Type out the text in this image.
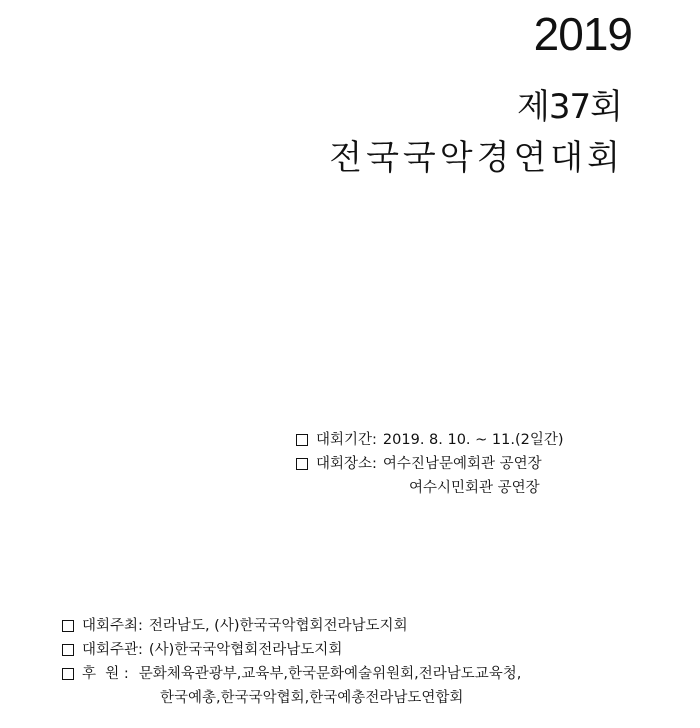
2019
제37회
전국국악경연대회
대회기간: 2019. 8. 10. ~ 11.(2일간)
대회장소: 여수진남문예회관 공연장
여수시민회관 공연장
대회주최: 전라남도, (사)한국국악협회전라남도지회
대회주관: (사)한국국악협회전라남도지회
후  원 : 문화체육관광부,교육부,한국문화예술위원회,전라남도교육청,
한국예총,한국국악협회,한국예총전라남도연합회
